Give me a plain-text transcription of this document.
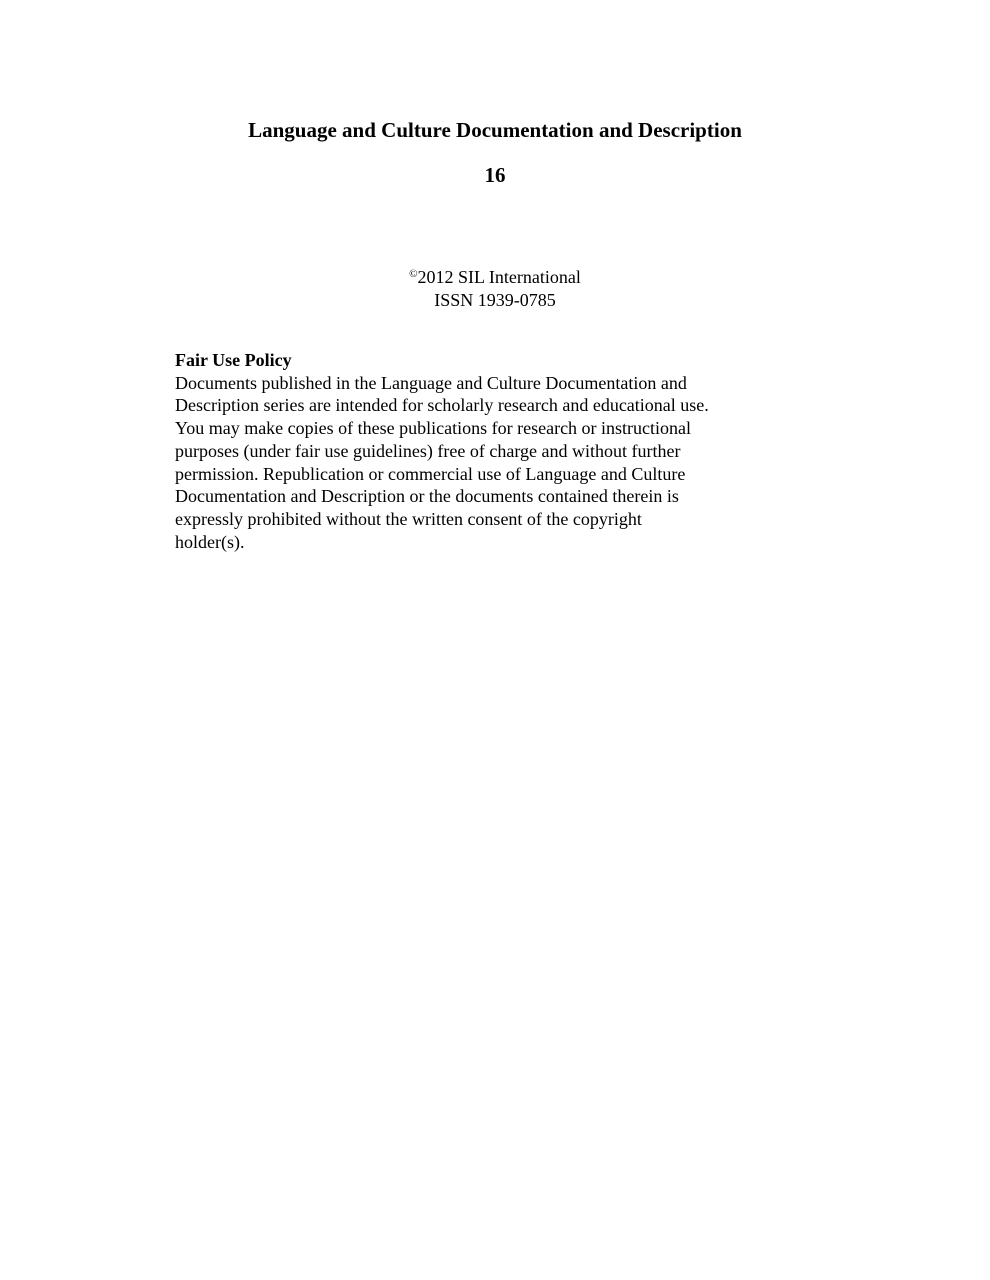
Language and Culture Documentation and Description
16
©2012 SIL International
ISSN 1939-0785

Fair Use Policy

Documents published in the Language and Culture Documentation and
Description series are intended for scholarly research and educational use.
You may make copies of these publications for research or instructional
purposes (under fair use guidelines) free of charge and without further
permission. Republication or commercial use of Language and Culture
Documentation and Description or the documents contained therein is
expressly prohibited without the written consent of the copyright
holder(s).
